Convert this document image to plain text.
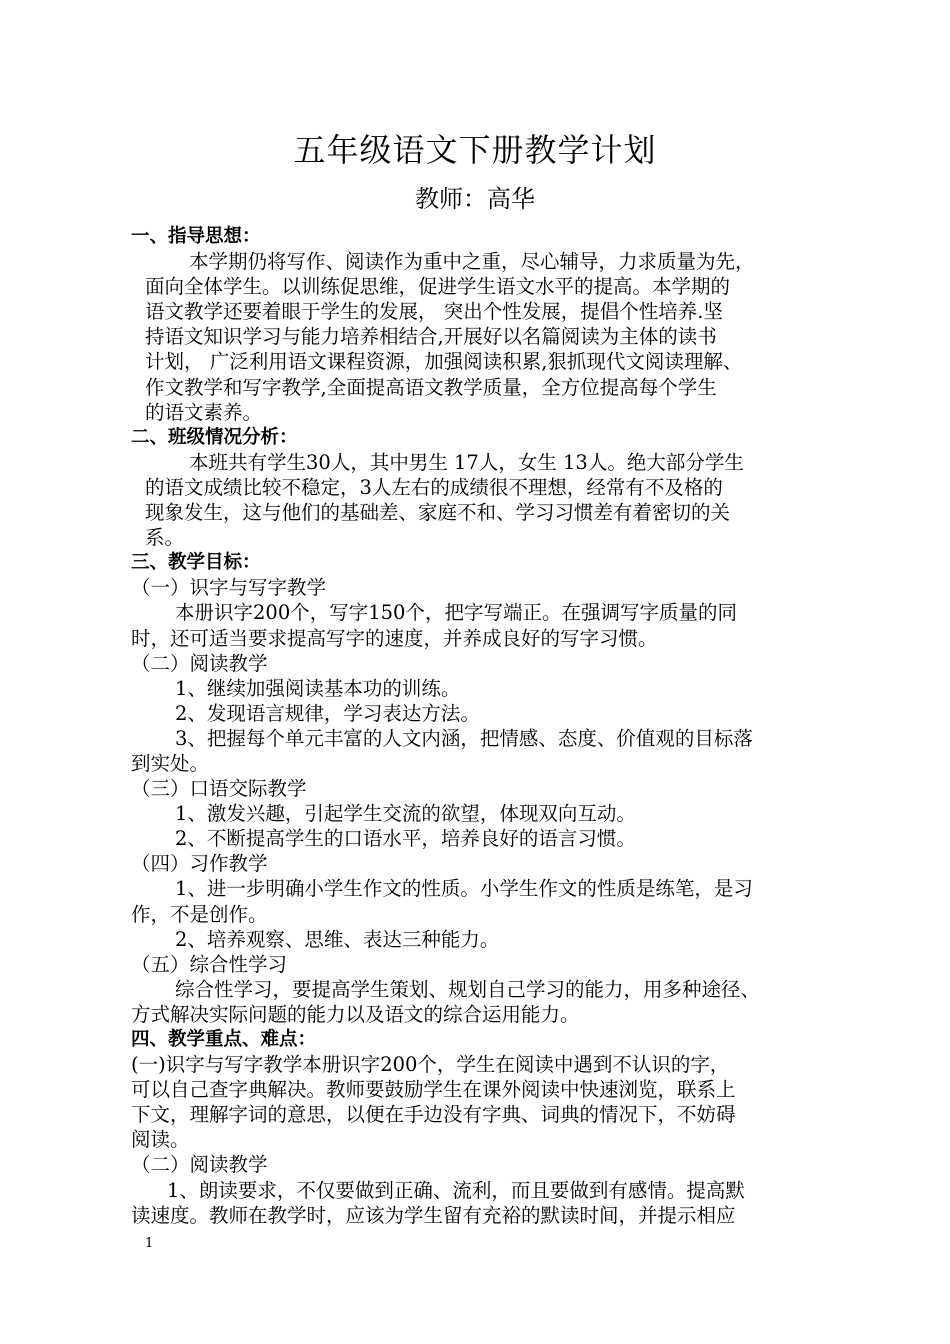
五年级语文下册教学计划
教师：高华
一、指导思想：
本学期仍将写作、阅读作为重中之重，尽心辅导，力求质量为先，
面向全体学生。以训练促思维，促进学生语文水平的提高。本学期的
语文教学还要着眼于学生的发展， 突出个性发展，提倡个性培养.坚
持语文知识学习与能力培养相结合,开展好以名篇阅读为主体的读书
计划， 广泛利用语文课程资源，加强阅读积累,狠抓现代文阅读理解、
作文教学和写字教学,全面提高语文教学质量，全方位提高每个学生
的语文素养。
二、班级情况分析：
本班共有学生30人，其中男生 17人，女生 13人。绝大部分学生
的语文成绩比较不稳定，3人左右的成绩很不理想，经常有不及格的
现象发生，这与他们的基础差、家庭不和、学习习惯差有着密切的关
系。
三、教学目标：
（一）识字与写字教学
本册识字200个，写字150个，把字写端正。在强调写字质量的同
时，还可适当要求提高写字的速度，并养成良好的写字习惯。
（二）阅读教学
1、继续加强阅读基本功的训练。
2、发现语言规律，学习表达方法。
3、把握每个单元丰富的人文内涵，把情感、态度、价值观的目标落
到实处。
（三）口语交际教学
1、激发兴趣，引起学生交流的欲望，体现双向互动。
2、不断提高学生的口语水平，培养良好的语言习惯。
（四）习作教学
1、进一步明确小学生作文的性质。小学生作文的性质是练笔，是习
作，不是创作。
2、培养观察、思维、表达三种能力。
（五）综合性学习
综合性学习，要提高学生策划、规划自己学习的能力，用多种途径、
方式解决实际问题的能力以及语文的综合运用能力。
四、教学重点、难点：
(一)识字与写字教学本册识字200个，学生在阅读中遇到不认识的字，
可以自己查字典解决。教师要鼓励学生在课外阅读中快速浏览，联系上
下文，理解字词的意思，以便在手边没有字典、词典的情况下，不妨碍
阅读。
（二）阅读教学
1、朗读要求，不仅要做到正确、流利，而且要做到有感情。提高默
读速度。教师在教学时，应该为学生留有充裕的默读时间，并提示相应
1
